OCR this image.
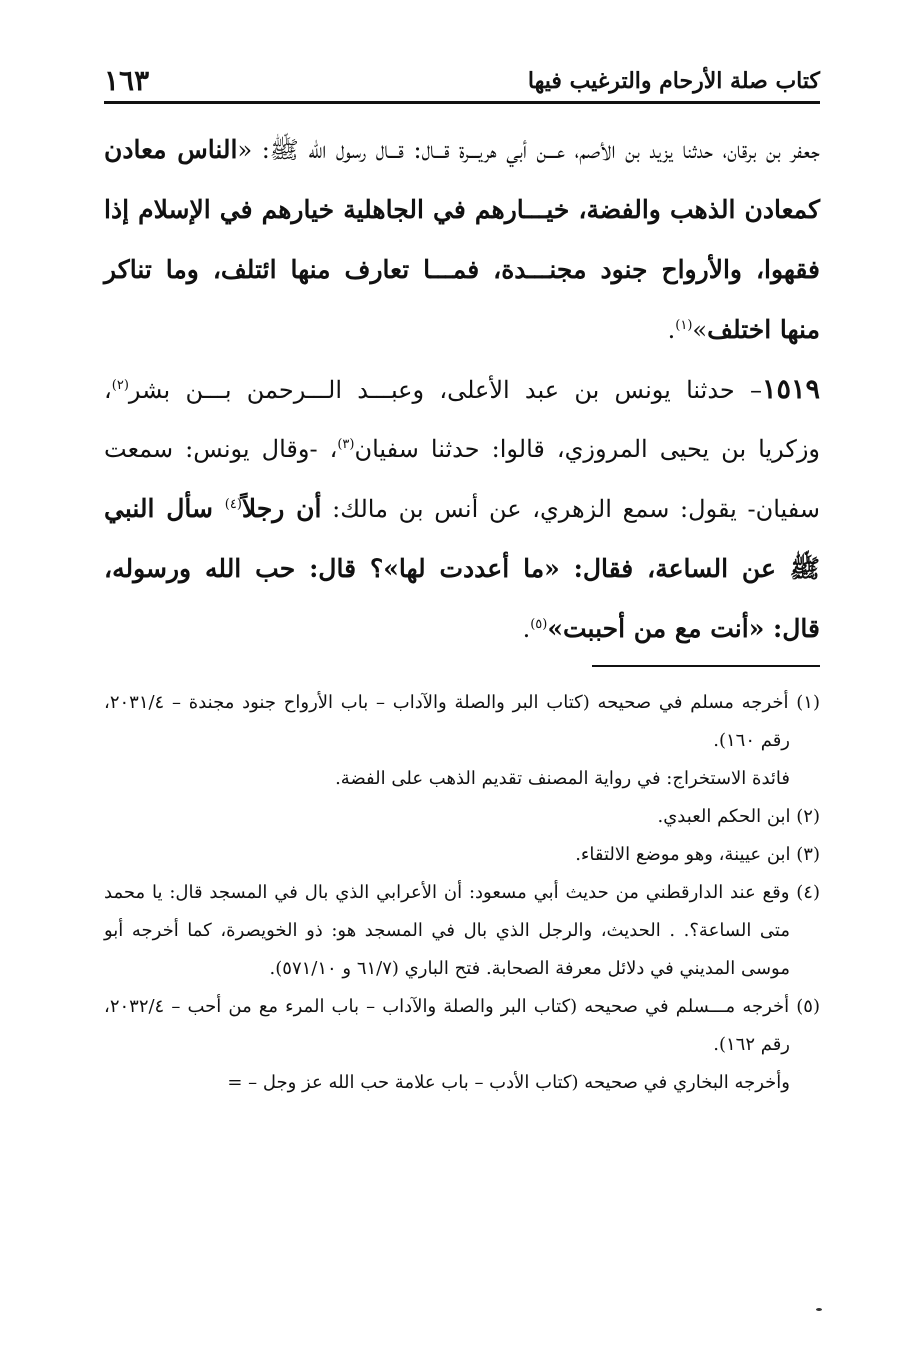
كتاب صلة الأرحام والترغيب فيها
١٦٣

جعفر بن برقان، حدثنا يزيد بن الأصم، عـــن أبي هريـــرة قـــال: قـــال رسول الله ﷺ: «الناس معادن كمعادن الذهب والفضة، خيـــارهم في الجاهلية خيارهم في الإسلام إذا فقهوا، والأرواح جنود مجنـــدة، فمـــا تعارف منها ائتلف، وما تناكر منها اختلف»$^{(١)}$.

١٥١٩– حدثنا يونس بن عبد الأعلى، وعبـــد الـــرحمن بـــن بشر$^{(٢)}$، وزكريا بن يحيى المروزي، قالوا: حدثنا سفيان$^{(٣)}$، -وقال يونس: سمعت سفيان- يقول: سمع الزهري، عن أنس بن مالك: أن رجلاً$^{(٤)}$ سأل النبي ﷺ عن الساعة، فقال: «ما أعددت لها»؟ قال: حب الله ورسوله، قال: «أنت مع من أحببت»$^{(٥)}$.

(١) أخرجه مسلم في صحيحه (كتاب البر والصلة والآداب – باب الأرواح جنود مجندة – ٢٠٣١/٤، رقم ١٦٠).

فائدة الاستخراج: في رواية المصنف تقديم الذهب على الفضة.

(٢) ابن الحكم العبدي.

(٣) ابن عيينة، وهو موضع الالتقاء.

(٤) وقع عند الدارقطني من حديث أبي مسعود: أن الأعرابي الذي بال في المسجد قال: يا محمد متى الساعة؟. . الحديث، والرجل الذي بال في المسجد هو: ذو الخويصرة، كما أخرجه أبو موسى المديني في دلائل معرفة الصحابة. فتح الباري (٦١/٧ و ٥٧١/١٠).

(٥) أخرجه مـــسلم في صحيحه (كتاب البر والصلة والآداب – باب المرء مع من أحب – ٢٠٣٢/٤، رقم ١٦٢).

وأخرجه البخاري في صحيحه (كتاب الأدب – باب علامة حب الله عز وجل – =
